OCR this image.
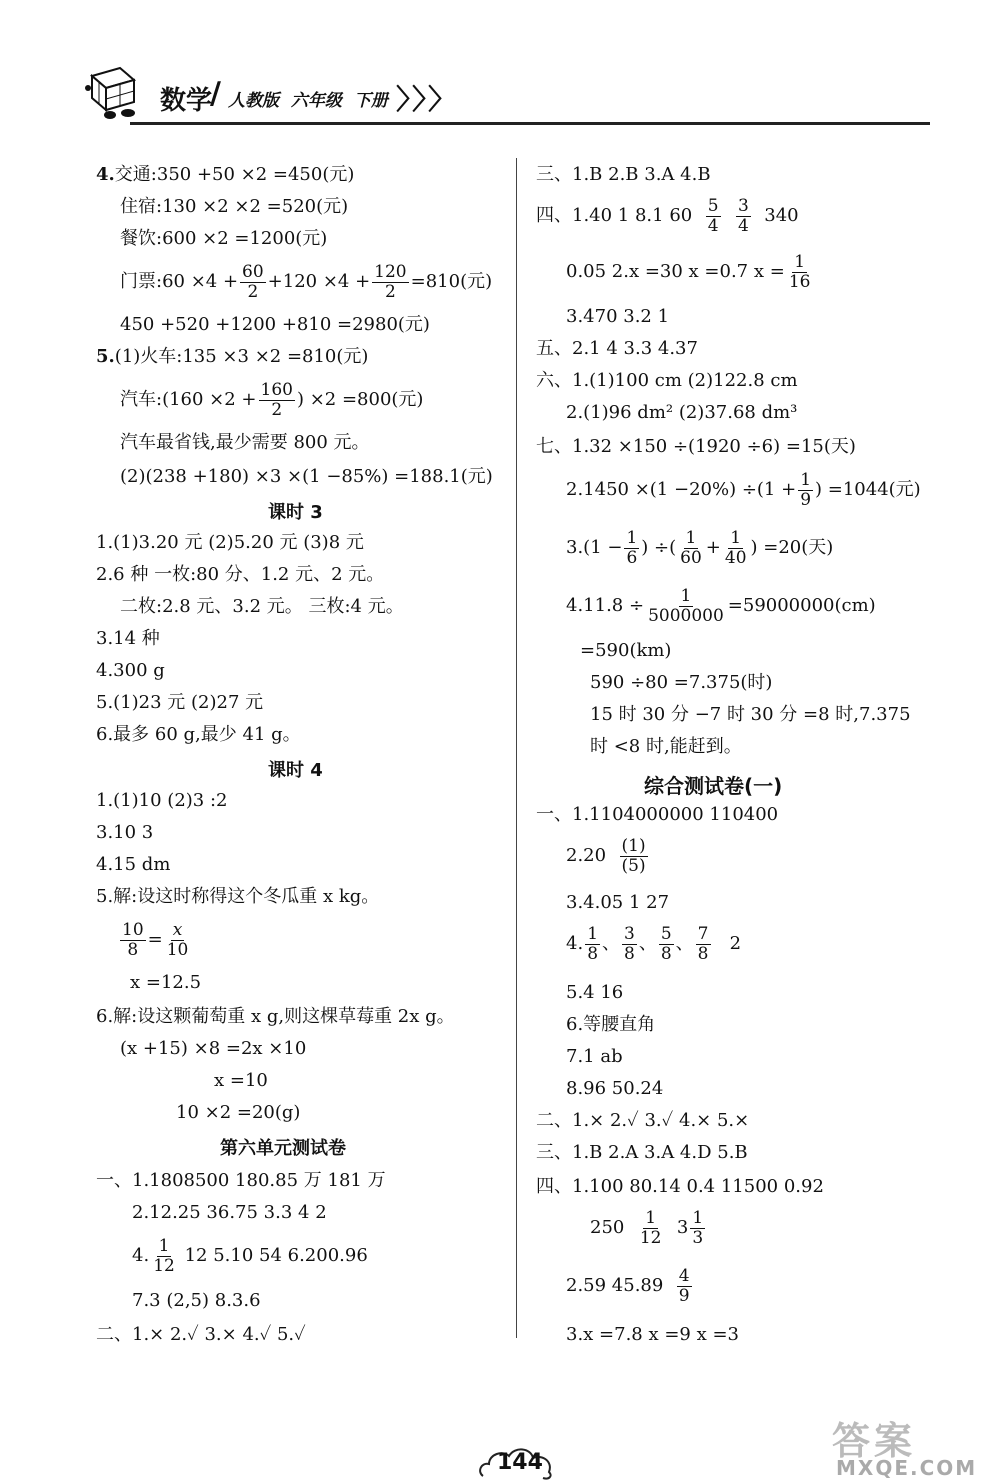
数学
/ 人教版 六年级 下册 〉〉〉
4.交通:350 +50 ×2 =450(元)
住宿:130 ×2 ×2 =520(元)
餐饮:600 ×2 =1200(元)
门票:60 $\times 4 + \frac{60}{2} +120 \times 4 + \frac{120}{2} =810$(元)
450 +520 +1200 +810 =2980(元)
5.(1)火车:135 ×3 ×2 =810(元)
汽车:(160 $\times 2 + \frac{160}{2}$ ) ×2 =800(元)
汽车最省钱,最少需要 800 元。
(2)(238 +180) ×3 ×(1 −85%) =188.1(元)
课时 3
1.(1)3.20 元 (2)5.20 元 (3)8 元
2.6 种 一枚:80 分、1.2 元、2 元。
二枚:2.8 元、3.2 元。 三枚:4 元。
3.14 种
4.300 g
5.(1)23 元 (2)27 元
6.最多 60 g,最少 41 g。
课时 4
1.(1)10 (2)3 :2
3.10 3
4.15 dm
5.解:设这时称得这个冬瓜重 x kg。
$\frac{10}{8} = \frac{x}{10}$
x =12.5
6.解:设这颗葡萄重 x g,则这棵草莓重 2x g。
(x +15) ×8 =2x ×10
x =10
10 ×2 =20(g)
第六单元测试卷
一、1.1808500 180.85 万 181 万
2.12.25 36.75 3.3 4 2
4. $\frac{1}{12} 12$ 5.10 54 6.200.96
7.3 (2,5) 8.3.6
二、1.× 2.✓ 3.× 4.✓ 5.✓
三、1.B 2.B 3.A 4.B
四、1.40 1 8.1 $60 \frac{5}{4}$
$\frac{3}{4} 340$
0.05 2.x =30 x =0.7 $x = \frac{1}{16}$
3.470 3.2 1
五、2.1 4 3.3 4.37
六、1.(1)100 cm (2)122.8 cm
2.(1)96 dm² (2)37.68 dm³
七、1.32 ×150 ÷(1920 ÷6) =15(天)
$2.1450 \times(1 -20\%) \div(1 + \frac{1}{9}$ ) =1044(元)
$3.(1 - \frac{1}{6}$ ) ÷( $\frac{1}{60} + \frac{1}{40}$ ) =20(天)
$4.11.8 \div \frac{1}{5000000} =59000000(cm)$
=590(km)
590 ÷80 =7.375(时)
15 时 30 分 −7 时 30 分 =8 时,7.375
时 <8 时,能赶到。
综合测试卷(一)
一、1.1104000000 110400
$2.20 \frac{(1)}{(5)}$
3.4.05 1 27
4. $\frac{1}{8}$ 、 $\frac{3}{8}$ 、 $\frac{5}{8}$ 、 $\frac{7}{8} 2$
5.4 16
6.等腰直角
7.1 ab
8.96 50.24
二、1.× 2.✓ 3.✓ 4.× 5.×
三、1.B 2.A 3.A 4.D 5.B
四、1.100 80.14 0.4 11500 0.92
$250 \frac{1}{12} 3 \frac{1}{3}$
2.59 $45.89 \frac{4}{9}$
3.x =7.8 x =9 x =3
144	答案
MXQE.COM
